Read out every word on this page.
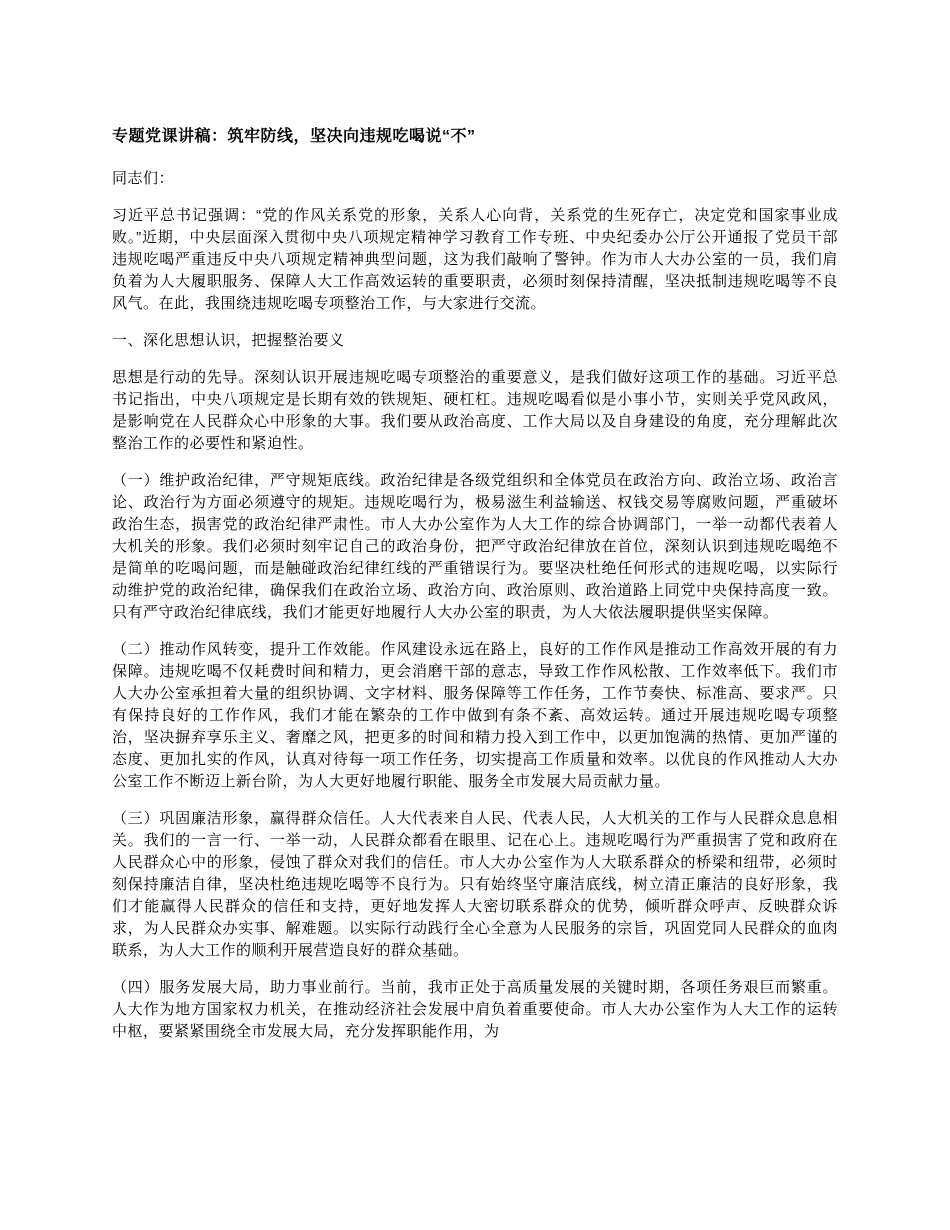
专题党课讲稿：筑牢防线，坚决向违规吃喝说“不”

同志们：

习近平总书记强调：“党的作风关系党的形象，关系人心向背，关系党的生死存亡，决定党和国家事业成败。”近期，中央层面深入贯彻中央八项规定精神学习教育工作专班、中央纪委办公厅公开通报了党员干部违规吃喝严重违反中央八项规定精神典型问题，这为我们敲响了警钟。作为市人大办公室的一员，我们肩负着为人大履职服务、保障人大工作高效运转的重要职责，必须时刻保持清醒，坚决抵制违规吃喝等不良风气。在此，我围绕违规吃喝专项整治工作，与大家进行交流。

一、深化思想认识，把握整治要义

思想是行动的先导。深刻认识开展违规吃喝专项整治的重要意义，是我们做好这项工作的基础。习近平总书记指出，中央八项规定是长期有效的铁规矩、硬杠杠。违规吃喝看似是小事小节，实则关乎党风政风，是影响党在人民群众心中形象的大事。我们要从政治高度、工作大局以及自身建设的角度，充分理解此次整治工作的必要性和紧迫性。

（一）维护政治纪律，严守规矩底线。政治纪律是各级党组织和全体党员在政治方向、政治立场、政治言论、政治行为方面必须遵守的规矩。违规吃喝行为，极易滋生利益输送、权钱交易等腐败问题，严重破坏政治生态，损害党的政治纪律严肃性。市人大办公室作为人大工作的综合协调部门，一举一动都代表着人大机关的形象。我们必须时刻牢记自己的政治身份，把严守政治纪律放在首位，深刻认识到违规吃喝绝不是简单的吃喝问题，而是触碰政治纪律红线的严重错误行为。要坚决杜绝任何形式的违规吃喝，以实际行动维护党的政治纪律，确保我们在政治立场、政治方向、政治原则、政治道路上同党中央保持高度一致。只有严守政治纪律底线，我们才能更好地履行人大办公室的职责，为人大依法履职提供坚实保障。

（二）推动作风转变，提升工作效能。作风建设永远在路上，良好的工作作风是推动工作高效开展的有力保障。违规吃喝不仅耗费时间和精力，更会消磨干部的意志，导致工作作风松散、工作效率低下。我们市人大办公室承担着大量的组织协调、文字材料、服务保障等工作任务，工作节奏快、标准高、要求严。只有保持良好的工作作风，我们才能在繁杂的工作中做到有条不紊、高效运转。通过开展违规吃喝专项整治，坚决摒弃享乐主义、奢靡之风，把更多的时间和精力投入到工作中，以更加饱满的热情、更加严谨的态度、更加扎实的作风，认真对待每一项工作任务，切实提高工作质量和效率。以优良的作风推动人大办公室工作不断迈上新台阶，为人大更好地履行职能、服务全市发展大局贡献力量。

（三）巩固廉洁形象，赢得群众信任。人大代表来自人民、代表人民，人大机关的工作与人民群众息息相关。我们的一言一行、一举一动，人民群众都看在眼里、记在心上。违规吃喝行为严重损害了党和政府在人民群众心中的形象，侵蚀了群众对我们的信任。市人大办公室作为人大联系群众的桥梁和纽带，必须时刻保持廉洁自律，坚决杜绝违规吃喝等不良行为。只有始终坚守廉洁底线，树立清正廉洁的良好形象，我们才能赢得人民群众的信任和支持，更好地发挥人大密切联系群众的优势，倾听群众呼声、反映群众诉求，为人民群众办实事、解难题。以实际行动践行全心全意为人民服务的宗旨，巩固党同人民群众的血肉联系，为人大工作的顺利开展营造良好的群众基础。

（四）服务发展大局，助力事业前行。当前，我市正处于高质量发展的关键时期，各项任务艰巨而繁重。人大作为地方国家权力机关，在推动经济社会发展中肩负着重要使命。市人大办公室作为人大工作的运转中枢，要紧紧围绕全市发展大局，充分发挥职能作用，为
